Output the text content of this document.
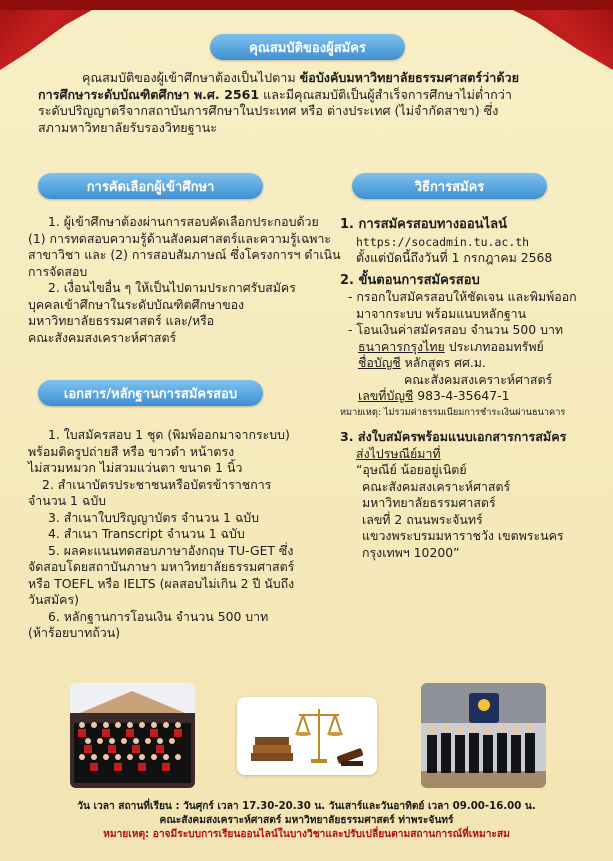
คุณสมบัติของผู้สมัคร
คุณสมบัติของผู้เข้าศึกษาต้องเป็นไปตาม ข้อบังคับมหาวิทยาลัยธรรมศาสตร์ว่าด้วย
การศึกษาระดับบัณฑิตศึกษา พ.ศ. 2561 และมีคุณสมบัติเป็นผู้สำเร็จการศึกษาไม่ต่ำกว่า
ระดับปริญญาตรีจากสถาบันการศึกษาในประเทศ หรือ ต่างประเทศ (ไม่จำกัดสาขา) ซึ่ง
สภามหาวิทยาลัยรับรองวิทยฐานะ
การคัดเลือกผู้เข้าศึกษา
1. ผู้เข้าศึกษาต้องผ่านการสอบคัดเลือกประกอบด้วย
(1) การทดสอบความรู้ด้านสังคมศาสตร์และความรู้เฉพาะ
สาขาวิชา และ (2) การสอบสัมภาษณ์ ซึ่งโครงการฯ ดำเนิน
การจัดสอบ
2. เงื่อนไขอื่น ๆ ให้เป็นไปตามประกาศรับสมัคร
บุคคลเข้าศึกษาในระดับบัณฑิตศึกษาของ
มหาวิทยาลัยธรรมศาสตร์ และ/หรือ
คณะสังคมสงเคราะห์ศาสตร์
เอกสาร/หลักฐานการสมัครสอบ
1. ใบสมัครสอบ 1 ชุด (พิมพ์ออกมาจากระบบ)
พร้อมติดรูปถ่ายสี หรือ ขาวดำ หน้าตรง
ไม่สวมหมวก ไม่สวมแว่นตา ขนาด 1 นิ้ว
2. สำเนาบัตรประชาชนหรือบัตรข้าราชการ
จำนวน 1 ฉบับ
3. สำเนาใบปริญญาบัตร จำนวน 1 ฉบับ
4. สำเนา Transcript จำนวน 1 ฉบับ
5. ผลคะแนนทดสอบภาษาอังกฤษ TU-GET ซึ่ง
จัดสอบโดยสถาบันภาษา มหาวิทยาลัยธรรมศาสตร์
หรือ TOEFL หรือ IELTS (ผลสอบไม่เกิน 2 ปี นับถึง
วันสมัคร)
6. หลักฐานการโอนเงิน จำนวน 500 บาท
(ห้าร้อยบาทถ้วน)
วิธีการสมัคร
1. การสมัครสอบทางออนไลน์
https://socadmin.tu.ac.th
ตั้งแต่บัดนี้ถึงวันที่ 1 กรกฎาคม 2568
2. ขั้นตอนการสมัครสอบ
- กรอกใบสมัครสอบให้ชัดเจน และพิมพ์ออก
มาจากระบบ พร้อมแนบหลักฐาน
- โอนเงินค่าสมัครสอบ จำนวน 500 บาท
ธนาคารกรุงไทย ประเภทออมทรัพย์
ชื่อบัญชี หลักสูตร ศศ.ม.
คณะสังคมสงเคราะห์ศาสตร์
เลขที่บัญชี 983-4-35647-1
หมายเหตุ: ไม่รวมค่าธรรมเนียมการชำระเงินผ่านธนาคาร
3. ส่งใบสมัครพร้อมแนบเอกสารการสมัคร
ส่งไปรษณีย์มาที่
“อุษณีย์ น้อยอยู่เนิตย์
คณะสังคมสงเคราะห์ศาสตร์
มหาวิทยาลัยธรรมศาสตร์
เลขที่ 2 ถนนพระจันทร์
แขวงพระบรมมหาราชวัง เขตพระนคร
กรุงเทพฯ 10200”
วัน เวลา สถานที่เรียน : วันศุกร์ เวลา 17.30-20.30 น. วันเสาร์และวันอาทิตย์ เวลา 09.00-16.00 น.
คณะสังคมสงเคราะห์ศาสตร์ มหาวิทยาลัยธรรมศาสตร์ ท่าพระจันทร์
หมายเหตุ: อาจมีระบบการเรียนออนไลน์ในบางวิชาและปรับเปลี่ยนตามสถานการณ์ที่เหมาะสม
